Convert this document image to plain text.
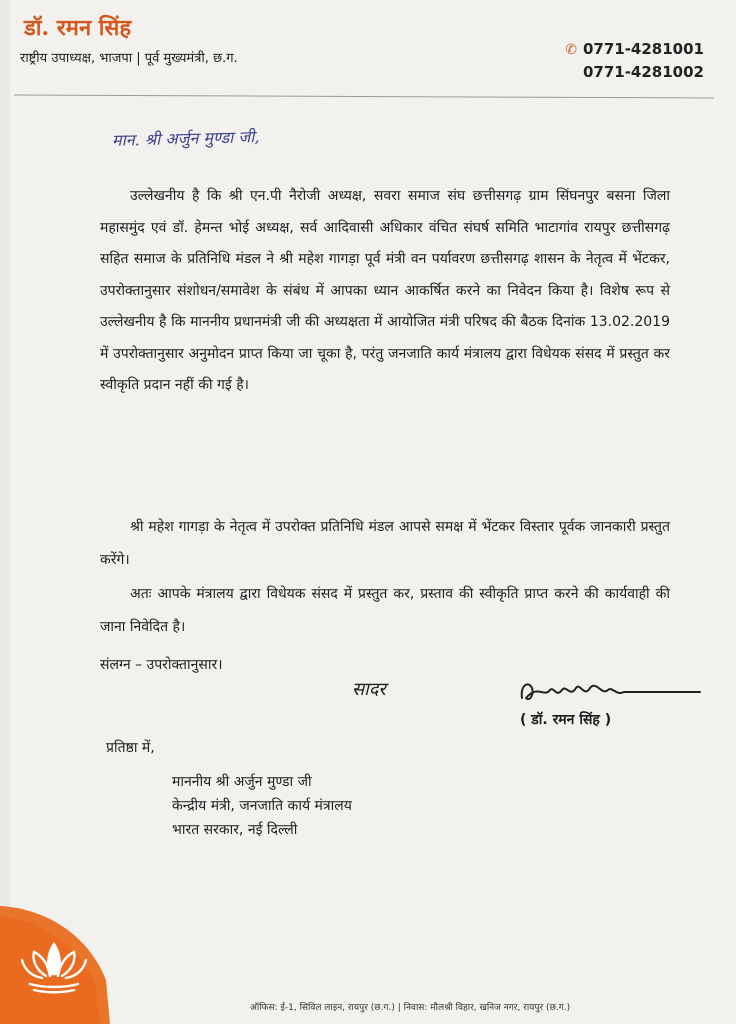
डॉ. रमन सिंह
राष्ट्रीय उपाध्यक्ष, भाजपा | पूर्व मुख्यमंत्री, छ.ग.
✆ 0771-4281001
0771-4281002
मान. श्री अर्जुन मुण्डा जी,
उल्लेखनीय है कि श्री एन.पी नैरोजी अध्यक्ष, सवरा समाज संघ छत्तीसगढ़ ग्राम सिंघनपुर बसना जिला महासमुंद एवं डॉ. हेमन्त भोई अध्यक्ष, सर्व आदिवासी अधिकार वंचित संघर्ष समिति भाटागांव रायपुर छत्तीसगढ़ सहित समाज के प्रतिनिधि मंडल ने श्री महेश गागड़ा पूर्व मंत्री वन पर्यावरण छत्तीसगढ़ शासन के नेतृत्व में भेंटकर, उपरोक्तानुसार संशोधन/समावेश के संबंध में आपका ध्यान आकर्षित करने का निवेदन किया है। विशेष रूप से उल्लेखनीय है कि माननीय प्रधानमंत्री जी की अध्यक्षता में आयोजित मंत्री परिषद की बैठक दिनांक 13.02.2019 में उपरोक्तानुसार अनुमोदन प्राप्त किया जा चूका है, परंतु जनजाति कार्य मंत्रालय द्वारा विधेयक संसद में प्रस्तुत कर स्वीकृति प्रदान नहीं की गई है।
श्री महेश गागड़ा के नेतृत्व में उपरोक्त प्रतिनिधि मंडल आपसे समक्ष में भेंटकर विस्तार पूर्वक जानकारी प्रस्तुत करेंगे।
अतः आपके मंत्रालय द्वारा विधेयक संसद में प्रस्तुत कर, प्रस्ताव की स्वीकृति प्राप्त करने की कार्यवाही की जाना निवेदित है।
संलग्न – उपरोक्तानुसार।
सादर
( डॉ. रमन सिंह )
प्रतिष्ठा में,
माननीय श्री अर्जुन मुण्डा जी
केन्द्रीय मंत्री, जनजाति कार्य मंत्रालय
भारत सरकार, नई दिल्ली
ऑफिस: ई-1, सिविल लाइन, रायपुर (छ.ग.) | निवास: मौलश्री विहार, खनिज नगर, रायपुर (छ.ग.)
